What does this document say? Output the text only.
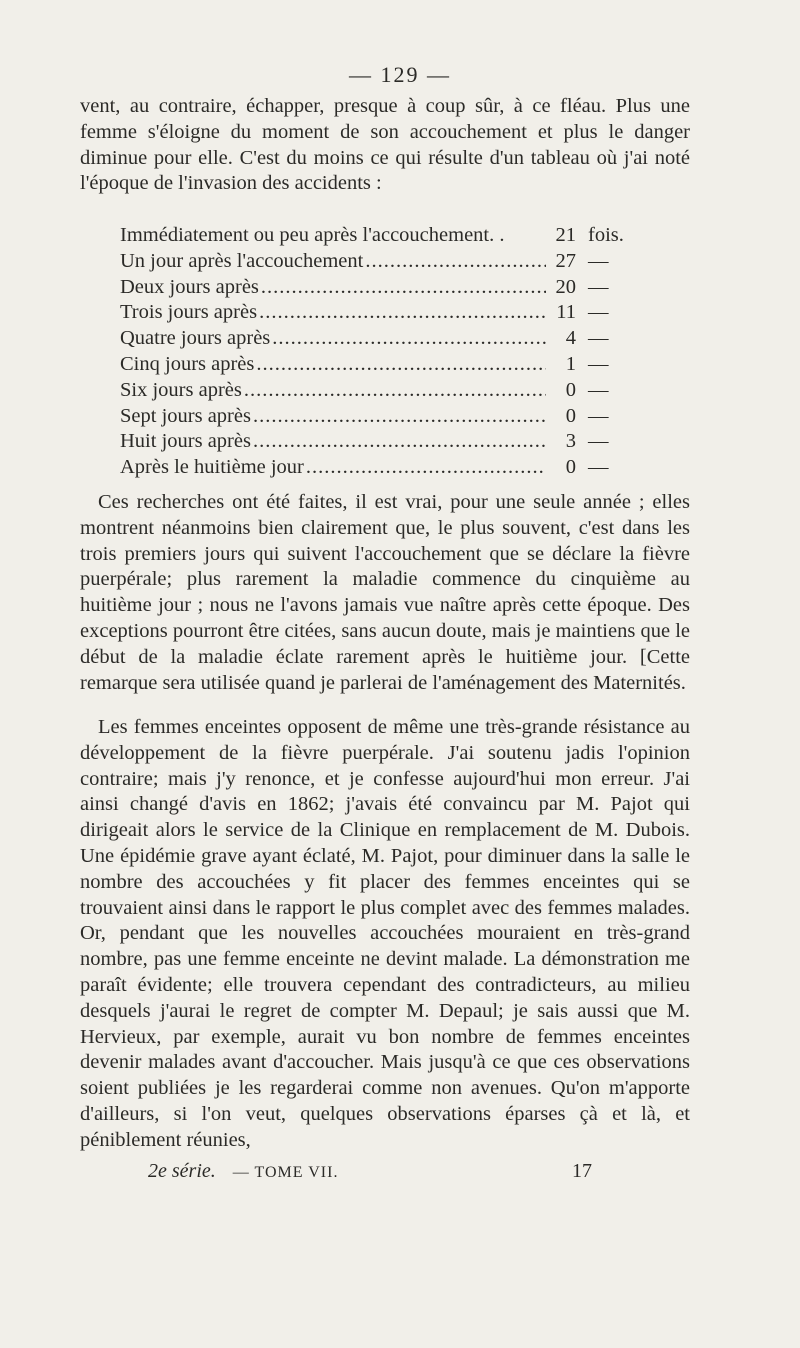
— 129 —

vent, au contraire, échapper, presque à coup sûr, à ce fléau. Plus une femme s'éloigne du moment de son accouchement et plus le danger diminue pour elle. C'est du moins ce qui résulte d'un tableau où j'ai noté l'époque de l'invasion des accidents :

Immédiatement ou peu après l'accouchement. .	21 fois.
Un jour après l'accouchement .....	27 —
Deux jours après .....	20 —
Trois jours après .....	11 —
Quatre jours après .....	4 —
Cinq jours après .....	1 —
Six jours après .....	0 —
Sept jours après .....	0 —
Huit jours après .....	3 —
Après le huitième jour .....	0 —

Ces recherches ont été faites, il est vrai, pour une seule année ; elles montrent néanmoins bien clairement que, le plus souvent, c'est dans les trois premiers jours qui suivent l'accouchement que se déclare la fièvre puerpérale; plus rarement la maladie commence du cinquième au huitième jour ; nous ne l'avons jamais vue naître après cette époque. Des exceptions pourront être citées, sans aucun doute, mais je maintiens que le début de la maladie éclate rarement après le huitième jour. [Cette remarque sera utilisée quand je parlerai de l'aménagement des Maternités.

Les femmes enceintes opposent de même une très-grande résistance au développement de la fièvre puerpérale. J'ai soutenu jadis l'opinion contraire; mais j'y renonce, et je confesse aujourd'hui mon erreur. J'ai ainsi changé d'avis en 1862; j'avais été convaincu par M. Pajot qui dirigeait alors le service de la Clinique en remplacement de M. Dubois. Une épidémie grave ayant éclaté, M. Pajot, pour diminuer dans la salle le nombre des accouchées y fit placer des femmes enceintes qui se trouvaient ainsi dans le rapport le plus complet avec des femmes malades. Or, pendant que les nouvelles accouchées mouraient en très-grand nombre, pas une femme enceinte ne devint malade. La démonstration me paraît évidente; elle trouvera cependant des contradicteurs, au milieu desquels j'aurai le regret de compter M. Depaul; je sais aussi que M. Hervieux, par exemple, aurait vu bon nombre de femmes enceintes devenir malades avant d'accoucher. Mais jusqu'à ce que ces observations soient publiées je les regarderai comme non avenues. Qu'on m'apporte d'ailleurs, si l'on veut, quelques observations éparses çà et là, et péniblement réunies,

2e série. — TOME VII.	17
